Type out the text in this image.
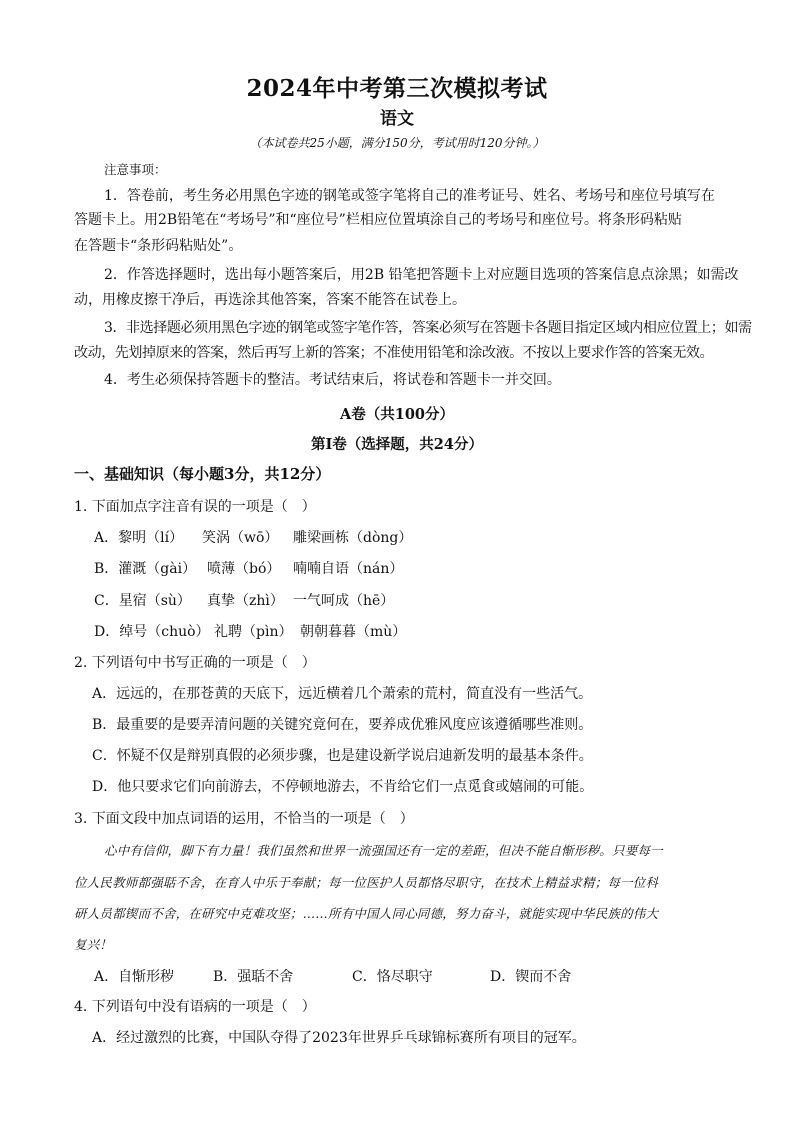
2024年中考第三次模拟考试
语文
（本试卷共25小题，满分150分，考试用时120分钟。）
注意事项：
1．答卷前，考生务必用黑色字迹的钢笔或签字笔将自己的准考证号、姓名、考场号和座位号填写在
答题卡上。用2B铅笔在“考场号”和“座位号”栏相应位置填涂自己的考场号和座位号。将条形码粘贴
在答题卡“条形码粘贴处”。
2．作答选择题时，选出每小题答案后，用2B 铅笔把答题卡上对应题目选项的答案信息点涂黑；如需改
动，用橡皮擦干净后，再选涂其他答案，答案不能答在试卷上。
3．非选择题必须用黑色字迹的钢笔或签字笔作答，答案必须写在答题卡各题目指定区域内相应位置上；如需
改动，先划掉原来的答案，然后再写上新的答案；不准使用铅笔和涂改液。不按以上要求作答的答案无效。
4．考生必须保持答题卡的整洁。考试结束后，将试卷和答题卡一并交回。
A卷（共100分）
第Ⅰ卷（选择题，共24分）
一、基础知识（每小题3分，共12分）
1. 下面加点字注音有误的一项是（　）
A．黎明（lí） 笑涡（wō） 雕梁画栋（dòng）
B．灌溉（gài） 喷薄（bó） 喃喃自语（nán）
C．星宿（sù） 真挚（zhì） 一气呵成（hē）
D．绰号（chuò） 礼聘（pìn） 朝朝暮暮（mù）
2. 下列语句中书写正确的一项是（　）
A．远远的，在那苍黄的天底下，远近横着几个萧索的荒村，简直没有一些活气。
B．最重要的是要弄清问题的关键究竟何在，要养成优雅风度应该遵循哪些准则。
C．怀疑不仅是辩别真假的必须步骤，也是建设新学说启迪新发明的最基本条件。
D．他只要求它们向前游去，不停顿地游去，不肯给它们一点觅食或嬉闹的可能。
3. 下面文段中加点词语的运用，不恰当的一项是（　）
心中有信仰，脚下有力量！我们虽然和世界一流强国还有一定的差距，但决不能自惭形秽。只要每一
位人民教师都强聒不舍，在育人中乐于奉献；每一位医护人员都恪尽职守，在技术上精益求精；每一位科
研人员都锲而不舍，在研究中克难攻坚；……所有中国人同心同德，努力奋斗，就能实现中华民族的伟大
复兴！
A．自惭形秽	B．强聒不舍	C．恪尽职守	D．锲而不舍
4. 下列语句中没有语病的一项是（　）
A．经过激烈的比赛，中国队夺得了2023年世界乒乓球锦标赛所有项目的冠军。
